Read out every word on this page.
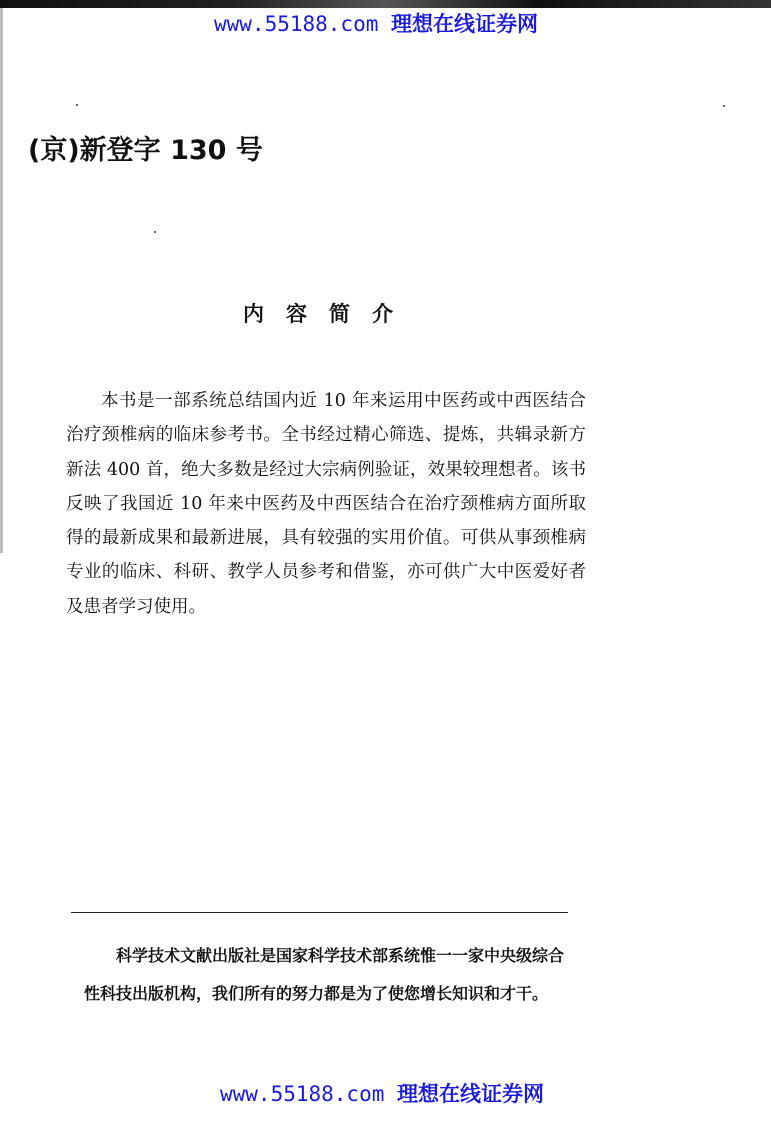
www.55188.com 理想在线证券网
(京)新登字 130 号
内容简介

本书是一部系统总结国内近 10 年来运用中医药或中西医结合治疗颈椎病的临床参考书。全书经过精心筛选、提炼，共辑录新方新法 400 首，绝大多数是经过大宗病例验证，效果较理想者。该书反映了我国近 10 年来中医药及中西医结合在治疗颈椎病方面所取得的最新成果和最新进展，具有较强的实用价值。可供从事颈椎病专业的临床、科研、教学人员参考和借鉴，亦可供广大中医爱好者及患者学习使用。

科学技术文献出版社是国家科学技术部系统惟一一家中央级综合性科技出版机构，我们所有的努力都是为了使您增长知识和才干。

www.55188.com 理想在线证券网
